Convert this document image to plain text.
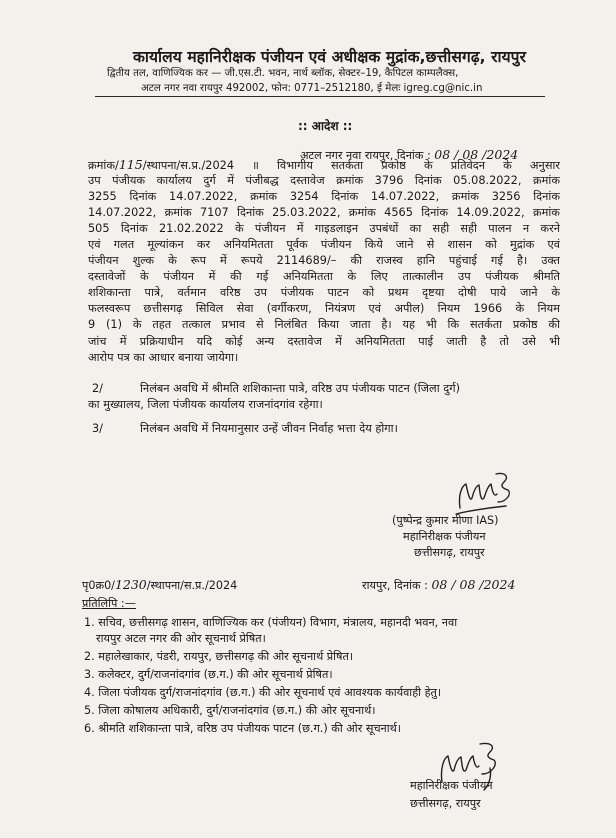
कार्यालय महानिरीक्षक पंजीयन एवं अधीक्षक मुद्रांक,छत्तीसगढ़, रायपुर
द्वितीय तल, वाणिज्यिक कर — जी.एस.टी. भवन, नार्थ ब्लॉक, सेक्टर–19, कैपिटल काम्पलैक्स,
अटल नगर नवा रायपुर 492002, फोन: 0771–2512180, ई मेलः igreg.cg@nic.in
:: आदेश ::
अटल नगर नवा रायपुर, दिनांक : 08 / 08 /2024
क्रमांक/115/स्थापना/स.प्र./2024 ॥ विभागीय सतर्कता प्रकोष्ठ के प्रतिवेदन के अनुसार
उप पंजीयक कार्यालय दुर्ग में पंजीबद्ध दस्तावेज क्रमांक 3796 दिनांक 05.08.2022, क्रमांक
3255 दिनांक 14.07.2022, क्रमांक 3254 दिनांक 14.07.2022, क्रमांक 3256 दिनांक
14.07.2022, क्रमांक 7107 दिनांक 25.03.2022, क्रमांक 4565 दिनांक 14.09.2022, क्रमांक
505 दिनांक 21.02.2022 के पंजीयन में गाइडलाइन उपबंधों का सही सही पालन न करने
एवं गलत मूल्यांकन कर अनियमितता पूर्वक पंजीयन किये जाने से शासन को मुद्रांक एवं
पंजीयन शुल्क के रूप में रूपये 2114689/– की राजस्व हानि पहुंचाई गई है। उक्त
दस्तावेजों के पंजीयन में की गई अनियमितता के लिए तात्कालीन उप पंजीयक श्रीमति
शशिकान्ता पात्रे, वर्तमान वरिष्ठ उप पंजीयक पाटन को प्रथम दृष्टया दोषी पाये जाने के
फलस्वरूप छत्तीसगढ़ सिविल सेवा (वर्गीकरण, नियंत्रण एवं अपील) नियम 1966 के नियम
9 (1) के तहत तत्काल प्रभाव से निलंबित किया जाता है। यह भी कि सतर्कता प्रकोष्ठ की
जांच में प्रक्रियाधीन यदि कोई अन्य दस्तावेज में अनियमितता पाई जाती है तो उसे भी
आरोप पत्र का आधार बनाया जायेगा।
2/	निलंबन अवधि में श्रीमति शशिकान्ता पात्रे, वरिष्ठ उप पंजीयक पाटन (जिला दुर्ग)
का मुख्यालय, जिला पंजीयक कार्यालय राजनांदगांव रहेगा।
3/	निलंबन अवधि में नियमानुसार उन्हें जीवन निर्वाह भत्ता देय होगा।
(पुष्पेन्द्र कुमार मीणा IAS)
महानिरीक्षक पंजीयन
छत्तीसगढ़, रायपुर
पृ0क्र0/1230/स्थापना/स.प्र./2024	रायपुर, दिनांक : 08 / 08 /2024
प्रतिलिपि :—
1. सचिव, छत्तीसगढ़ शासन, वाणिज्यिक कर (पंजीयन) विभाग, मंत्रालय, महानदी भवन, नवा
रायपुर अटल नगर की ओर सूचनार्थ प्रेषित।
2. महालेखाकार, पंडरी, रायपुर, छत्तीसगढ़ की ओर सूचनार्थ प्रेषित।
3. कलेक्टर, दुर्ग/राजनांदगांव (छ.ग.) की ओर सूचनार्थ प्रेषित।
4. जिला पंजीयक दुर्ग/राजनांदगांव (छ.ग.) की ओर सूचनार्थ एवं आवश्यक कार्यवाही हेतु।
5. जिला कोषालय अधिकारी, दुर्ग/राजनांदगांव (छ.ग.) की ओर सूचनार्थ।
6. श्रीमति शशिकान्ता पात्रे, वरिष्ठ उप पंजीयक पाटन (छ.ग.) की ओर सूचनार्थ।
महानिरीक्षक पंजीयन
छत्तीसगढ़, रायपुर
